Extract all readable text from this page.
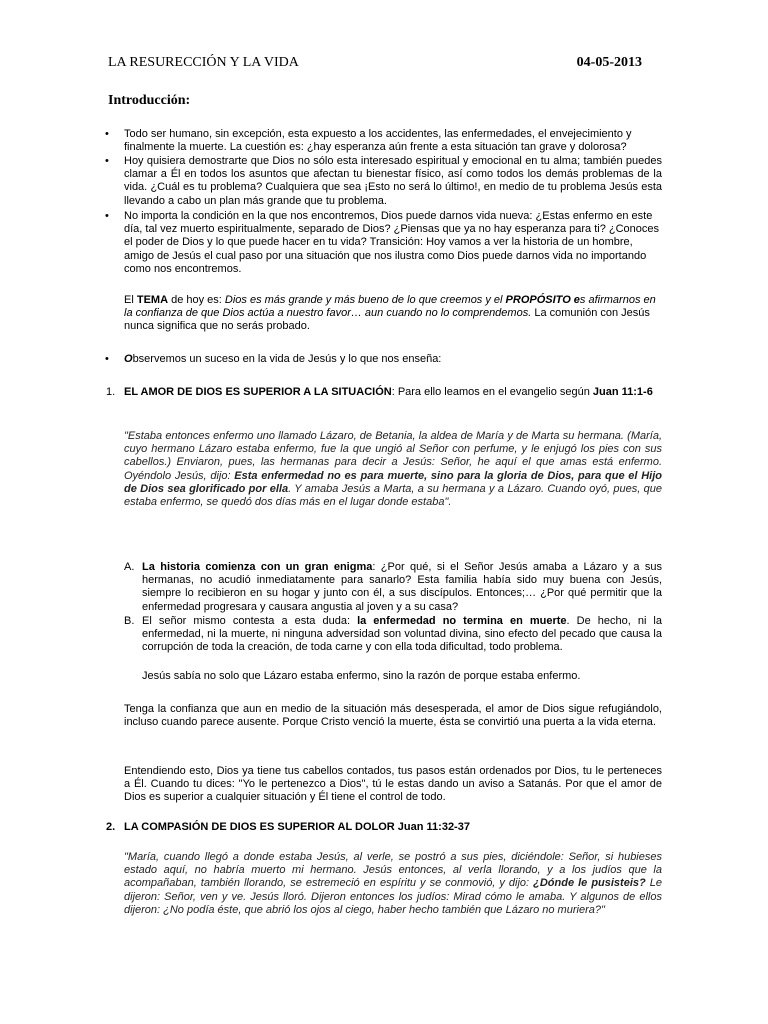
LA RESURECCIÓN Y LA VIDA	04-05-2013
Introducción:
• Todo ser humano, sin excepción, esta expuesto a los accidentes, las enfermedades, el envejecimiento y finalmente la muerte. La cuestión es: ¿hay esperanza aún frente a esta situación tan grave y dolorosa?
• Hoy quisiera demostrarte que Dios no sólo esta interesado espiritual y emocional en tu alma; también puedes clamar a Él en todos los asuntos que afectan tu bienestar físico, así como todos los demás problemas de la vida. ¿Cuál es tu problema? Cualquiera que sea ¡Esto no será lo último!, en medio de tu problema Jesús esta llevando a cabo un plan más grande que tu problema.
• No importa la condición en la que nos encontremos, Dios puede darnos vida nueva: ¿Estas enfermo en este día, tal vez muerto espiritualmente, separado de Dios? ¿Piensas que ya no hay esperanza para ti? ¿Conoces el poder de Dios y lo que puede hacer en tu vida? Transición: Hoy vamos a ver la historia de un hombre, amigo de Jesús el cual paso por una situación que nos ilustra como Dios puede darnos vida no importando como nos encontremos.
El TEMA de hoy es: Dios es más grande y más bueno de lo que creemos y el PROPÓSITO es afirmarnos en la confianza de que Dios actúa a nuestro favor… aun cuando no lo comprendemos. La comunión con Jesús nunca significa que no serás probado.
• Observemos un suceso en la vida de Jesús y lo que nos enseña:
1. EL AMOR DE DIOS ES SUPERIOR A LA SITUACIÓN: Para ello leamos en el evangelio según Juan 11:1-6
"Estaba entonces enfermo uno llamado Lázaro, de Betania, la aldea de María y de Marta su hermana. (María, cuyo hermano Lázaro estaba enfermo, fue la que ungió al Señor con perfume, y le enjugó los pies con sus cabellos.) Enviaron, pues, las hermanas para decir a Jesús: Señor, he aquí el que amas está enfermo. Oyéndolo Jesús, dijo: Esta enfermedad no es para muerte, sino para la gloria de Dios, para que el Hijo de Dios sea glorificado por ella. Y amaba Jesús a Marta, a su hermana y a Lázaro. Cuando oyó, pues, que estaba enfermo, se quedó dos días más en el lugar donde estaba".
A. La historia comienza con un gran enigma: ¿Por qué, si el Señor Jesús amaba a Lázaro y a sus hermanas, no acudió inmediatamente para sanarlo? Esta familia había sido muy buena con Jesús, siempre lo recibieron en su hogar y junto con él, a sus discípulos. Entonces;… ¿Por qué permitir que la enfermedad progresara y causara angustia al joven y a su casa?
B. El señor mismo contesta a esta duda: la enfermedad no termina en muerte. De hecho, ni la enfermedad, ni la muerte, ni ninguna adversidad son voluntad divina, sino efecto del pecado que causa la corrupción de toda la creación, de toda carne y con ella toda dificultad, todo problema.
Jesús sabía no solo que Lázaro estaba enfermo, sino la razón de porque estaba enfermo.
Tenga la confianza que aun en medio de la situación más desesperada, el amor de Dios sigue refugiándolo, incluso cuando parece ausente. Porque Cristo venció la muerte, ésta se convirtió una puerta a la vida eterna.
Entendiendo esto, Dios ya tiene tus cabellos contados, tus pasos están ordenados por Dios, tu le perteneces a Él. Cuando tu dices: "Yo le pertenezco a Dios", tú le estas dando un aviso a Satanás. Por que el amor de Dios es superior a cualquier situación y Él tiene el control de todo.
2. LA COMPASIÓN DE DIOS ES SUPERIOR AL DOLOR Juan 11:32-37
"María, cuando llegó a donde estaba Jesús, al verle, se postró a sus pies, diciéndole: Señor, si hubieses estado aquí, no habría muerto mi hermano. Jesús entonces, al verla llorando, y a los judíos que la acompañaban, también llorando, se estremeció en espíritu y se conmovió, y dijo: ¿Dónde le pusisteis? Le dijeron: Señor, ven y ve. Jesús lloró. Dijeron entonces los judíos: Mirad cómo le amaba. Y algunos de ellos dijeron: ¿No podía éste, que abrió los ojos al ciego, haber hecho también que Lázaro no muriera?"
